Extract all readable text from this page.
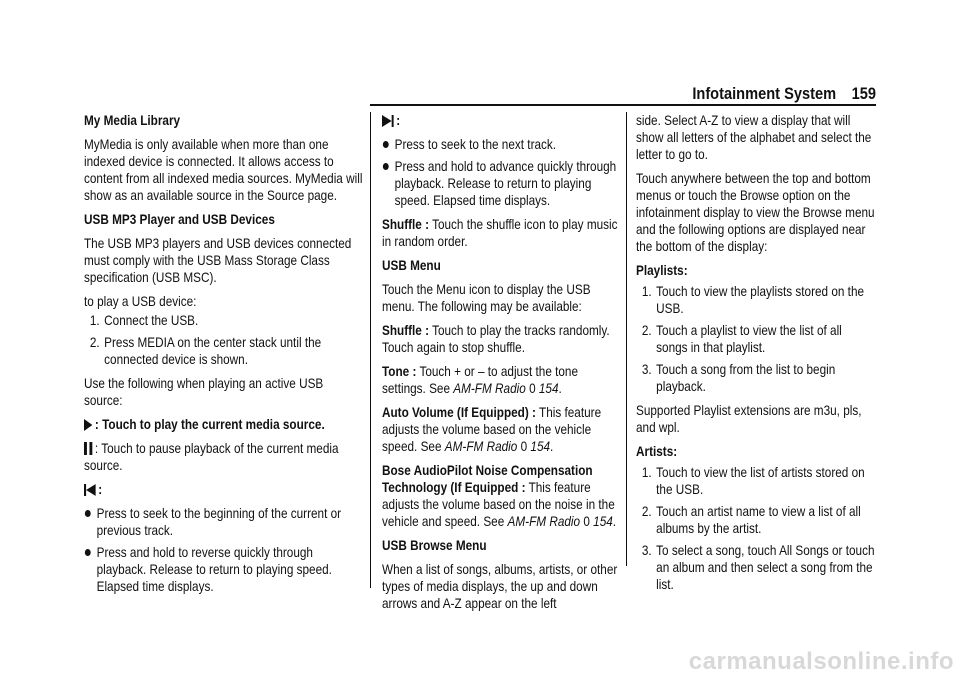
Infotainment System 159

My Media Library

MyMedia is only available when more than one indexed device is connected. It allows access to content from all indexed media sources. MyMedia will show as an available source in the Source page.

USB MP3 Player and USB Devices

The USB MP3 players and USB devices connected must comply with the USB Mass Storage Class specification (USB MSC).

to play a USB device:

1. Connect the USB.
2. Press MEDIA on the center stack until the connected device is shown.

Use the following when playing an active USB source:

: Touch to play the current media source.

: Touch to pause playback of the current media source.

:

Press to seek to the beginning of the current or previous track.
Press and hold to reverse quickly through playback. Release to return to playing speed. Elapsed time displays.

:

Press to seek to the next track.
Press and hold to advance quickly through playback. Release to return to playing speed. Elapsed time displays.

Shuffle : Touch the shuffle icon to play music in random order.

USB Menu

Touch the Menu icon to display the USB menu. The following may be available:

Shuffle : Touch to play the tracks randomly. Touch again to stop shuffle.

Tone : Touch + or – to adjust the tone settings. See AM-FM Radio 0 154.

Auto Volume (If Equipped) : This feature adjusts the volume based on the vehicle speed. See AM-FM Radio 0 154.

Bose AudioPilot Noise Compensation Technology (If Equipped : This feature adjusts the volume based on the noise in the vehicle and speed. See AM-FM Radio 0 154.

USB Browse Menu

When a list of songs, albums, artists, or other types of media displays, the up and down arrows and A-Z appear on the left

side. Select A-Z to view a display that will show all letters of the alphabet and select the letter to go to.

Touch anywhere between the top and bottom menus or touch the Browse option on the infotainment display to view the Browse menu and the following options are displayed near the bottom of the display:

Playlists:

1. Touch to view the playlists stored on the USB.
2. Touch a playlist to view the list of all songs in that playlist.
3. Touch a song from the list to begin playback.

Supported Playlist extensions are m3u, pls, and wpl.

Artists:

1. Touch to view the list of artists stored on the USB.
2. Touch an artist name to view a list of all albums by the artist.
3. To select a song, touch All Songs or touch an album and then select a song from the list.
carmanualsonline.info
